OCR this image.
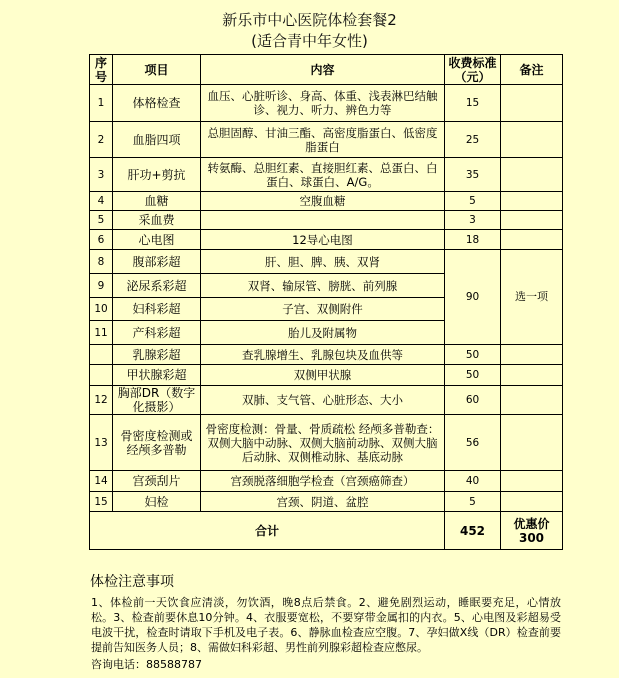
新乐市中心医院体检套餐2
(适合青中年女性)
序号	项目	内容	收费标准（元）	备注
1	体格检查	血压、心脏听诊、身高、体重、浅表淋巴结触诊、视力、听力、辨色力等	15	
2	血脂四项	总胆固醇、甘油三酯、高密度脂蛋白、低密度脂蛋白	25	
3	肝功+剪抗	转氨酶、总胆红素、直接胆红素、总蛋白、白蛋白、球蛋白、A/G。	35	
4	血糖	空腹血糖	5	
5	采血费		3	
6	心电图	12导心电图	18	
8	腹部彩超	肝、胆、脾、胰、双肾	90	选一项
9	泌尿系彩超	双肾、输尿管、膀胱、前列腺		
10	妇科彩超	子宫、双侧附件		
11	产科彩超	胎儿及附属物		
	乳腺彩超	查乳腺增生、乳腺包块及血供等	50	
	甲状腺彩超	双侧甲状腺	50	
12	胸部DR（数字化摄影）	双肺、支气管、心脏形态、大小	60	
13	骨密度检测或经颅多普勒	骨密度检测：骨量、骨质疏松 经颅多普勒查：双侧大脑中动脉、双侧大脑前动脉、双侧大脑后动脉、双侧椎动脉、基底动脉	56	
14	宫颈刮片	宫颈脱落细胞学检查（宫颈癌筛查）	40	
15	妇检	宫颈、阴道、盆腔	5	
合计			452	优惠价300
体检注意事项
1、体检前一天饮食应清淡，勿饮酒，晚8点后禁食。2、避免剧烈运动，睡眠要充足，心情放松。3、检查前要休息10分钟。4、衣服要宽松，不要穿带金属扣的内衣。5、心电图及彩超易受电波干扰，检查时请取下手机及电子表。6、静脉血检查应空腹。7、孕妇做X线（DR）检查前要提前告知医务人员；8、需做妇科彩超、男性前列腺彩超检查应憋尿。
咨询电话：88588787
